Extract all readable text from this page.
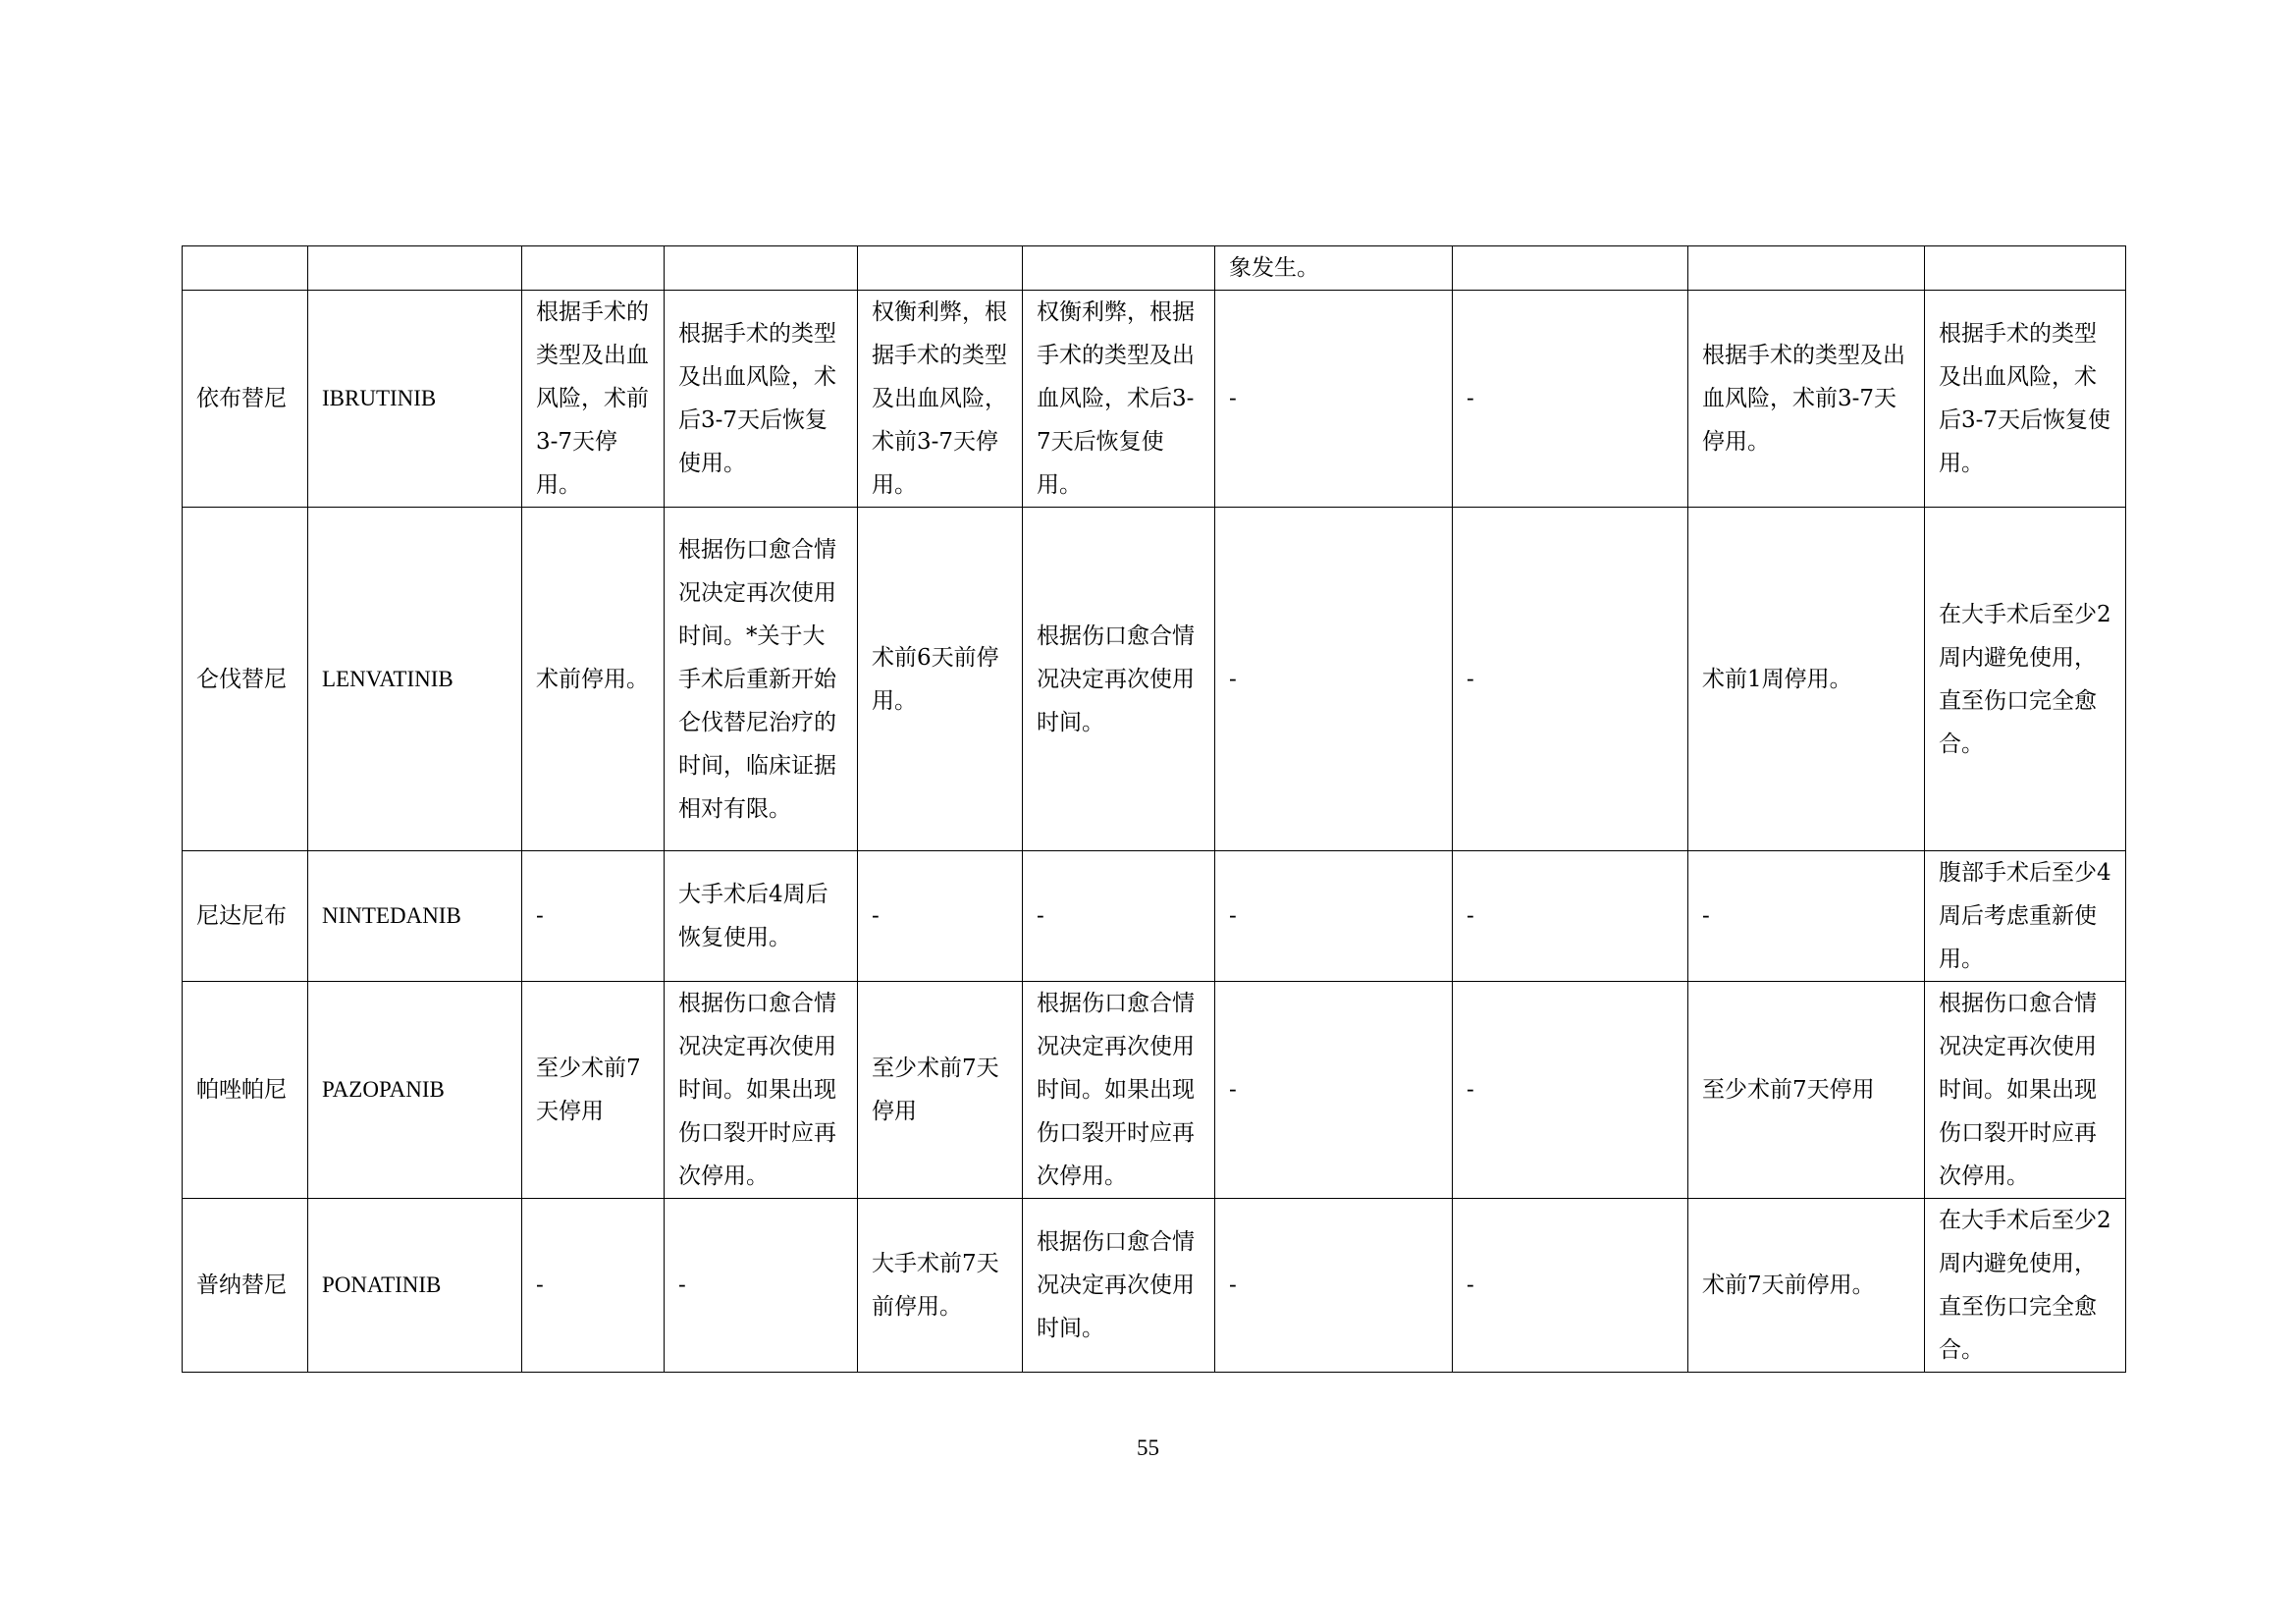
						象发生。			
依布替尼	IBRUTINIB	根据手术的类型及出血风险，术前3-7天停用。	根据手术的类型及出血风险，术后3-7天后恢复使用。	权衡利弊，根据手术的类型及出血风险，术前3-7天停用。	权衡利弊，根据手术的类型及出血风险，术后3-7天后恢复使用。	-	-	根据手术的类型及出血风险，术前3-7天停用。	根据手术的类型及出血风险，术后3-7天后恢复使用。
仑伐替尼	LENVATINIB	术前停用。	根据伤口愈合情况决定再次使用时间。*关于大手术后重新开始仑伐替尼治疗的时间，临床证据相对有限。	术前6天前停用。	根据伤口愈合情况决定再次使用时间。	-	-	术前1周停用。	在大手术后至少2周内避免使用，直至伤口完全愈合。
尼达尼布	NINTEDANIB	-	大手术后4周后恢复使用。	-	-	-	-	-	腹部手术后至少4周后考虑重新使用。
帕唑帕尼	PAZOPANIB	至少术前7天停用	根据伤口愈合情况决定再次使用时间。如果出现伤口裂开时应再次停用。	至少术前7天停用	根据伤口愈合情况决定再次使用时间。如果出现伤口裂开时应再次停用。	-	-	至少术前7天停用	根据伤口愈合情况决定再次使用时间。如果出现伤口裂开时应再次停用。
普纳替尼	PONATINIB	-	-	大手术前7天前停用。	根据伤口愈合情况决定再次使用时间。	-	-	术前7天前停用。	在大手术后至少2周内避免使用，直至伤口完全愈合。
55
